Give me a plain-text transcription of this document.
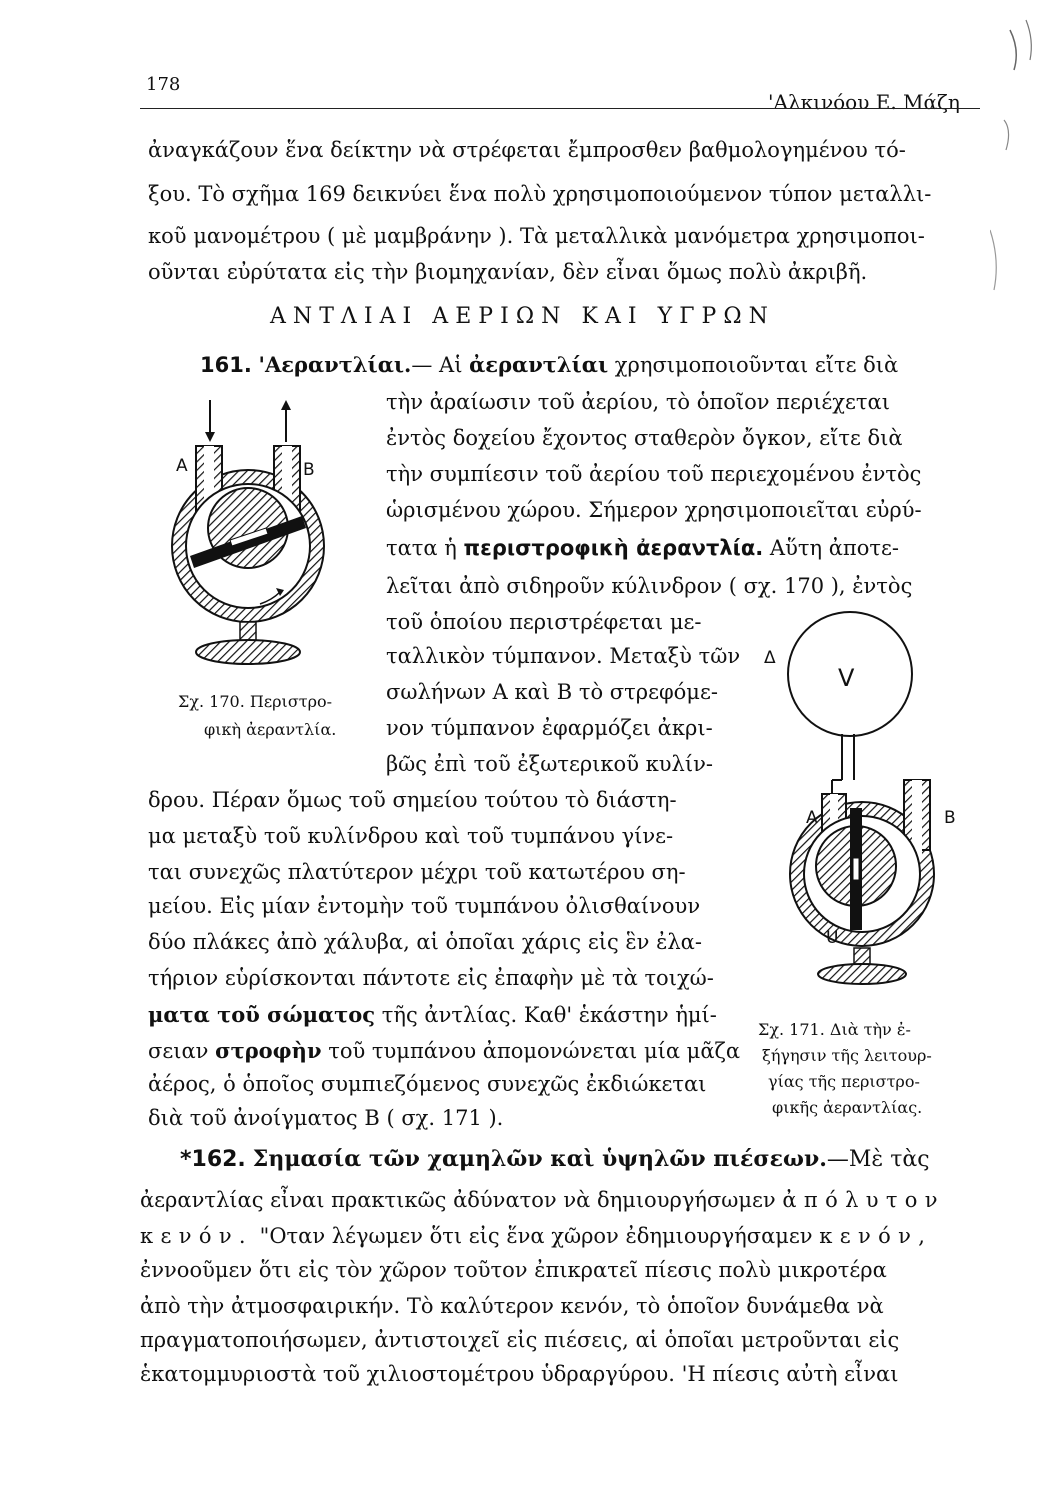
178
'Αλκινόου Ε. Μάζη
ἀναγκάζουν ἕνα δείκτην νὰ στρέφεται ἔμπροσθεν βαθμολογημένου τό-
ξου. Τὸ σχῆμα 169 δεικνύει ἕνα πολὺ χρησιμοποιούμενον τύπον μεταλλι-
κοῦ μανομέτρου ( μὲ μαμβράνην ). Τὰ μεταλλικὰ μανόμετρα χρησιμοποι-
οῦνται εὐρύτατα εἰς τὴν βιομηχανίαν, δὲν εἶναι ὅμως πολὺ ἀκριβῆ.
ΑΝΤΛΙΑΙ ΑΕΡΙΩΝ ΚΑΙ ΥΓΡΩΝ
161. 'Αεραντλίαι.— Αἱ ἀεραντλίαι χρησιμοποιοῦνται εἴτε διὰ
τὴν ἀραίωσιν τοῦ ἀερίου, τὸ ὁποῖον περιέχεται
ἐντὸς δοχείου ἔχοντος σταθερὸν ὄγκον, εἴτε διὰ
τὴν συμπίεσιν τοῦ ἀερίου τοῦ περιεχομένου ἐντὸς
ὡρισμένου χώρου. Σήμερον χρησιμοποιεῖται εὐρύ-
τατα ἡ περιστροφικὴ ἀεραντλία. Αὕτη ἀποτε-
λεῖται ἀπὸ σιδηροῦν κύλινδρον ( σχ. 170 ), ἐντὸς
τοῦ ὁποίου περιστρέφεται με-
ταλλικὸν τύμπανον. Μεταξὺ τῶν
σωλήνων Α καὶ Β τὸ στρεφόμε-
νον τύμπανον ἐφαρμόζει ἀκρι-
βῶς ἐπὶ τοῦ ἐξωτερικοῦ κυλίν-
δρου. Πέραν ὅμως τοῦ σημείου τούτου τὸ διάστη-
μα μεταξὺ τοῦ κυλίνδρου καὶ τοῦ τυμπάνου γίνε-
ται συνεχῶς πλατύτερον μέχρι τοῦ κατωτέρου ση-
μείου. Εἰς μίαν ἐντομὴν τοῦ τυμπάνου ὀλισθαίνουν
δύο πλάκες ἀπὸ χάλυβα, αἱ ὁποῖαι χάρις εἰς ἓν ἐλα-
τήριον εὑρίσκονται πάντοτε εἰς ἐπαφὴν μὲ τὰ τοιχώ-
ματα τοῦ σώματος τῆς ἀντλίας. Καθ' ἑκάστην ἡμί-
σειαν στροφὴν τοῦ τυμπάνου ἀπομονώνεται μία μᾶζα
ἀέρος, ὁ ὁποῖος συμπιεζόμενος συνεχῶς ἐκδιώκεται
διὰ τοῦ ἀνοίγματος Β ( σχ. 171 ).
Α	Β
Σχ. 170. Περιστρο-
φικὴ ἀεραντλία.
Δ
V
Α	Β
U
Σχ. 171. Διὰ τὴν ἐ-
ξήγησιν τῆς λειτουρ-
γίας τῆς περιστρο-
φικῆς ἀεραντλίας.
*162. Σημασία τῶν χαμηλῶν καὶ ὑψηλῶν πιέσεων.—Μὲ τὰς
ἀεραντλίας εἶναι πρακτικῶς ἀδύνατον νὰ δημιουργήσωμεν ἀπόλυτον
κενόν. "Οταν λέγωμεν ὅτι εἰς ἕνα χῶρον ἐδημιουργήσαμεν κενόν,
ἐννοοῦμεν ὅτι εἰς τὸν χῶρον τοῦτον ἐπικρατεῖ πίεσις πολὺ μικροτέρα
ἀπὸ τὴν ἀτμοσφαιρικήν. Τὸ καλύτερον κενόν, τὸ ὁποῖον δυνάμεθα νὰ
πραγματοποιήσωμεν, ἀντιστοιχεῖ εἰς πιέσεις, αἱ ὁποῖαι μετροῦνται εἰς
ἑκατομμυριοστὰ τοῦ χιλιοστομέτρου ὑδραργύρου. 'Η πίεσις αὐτὴ εἶναι
